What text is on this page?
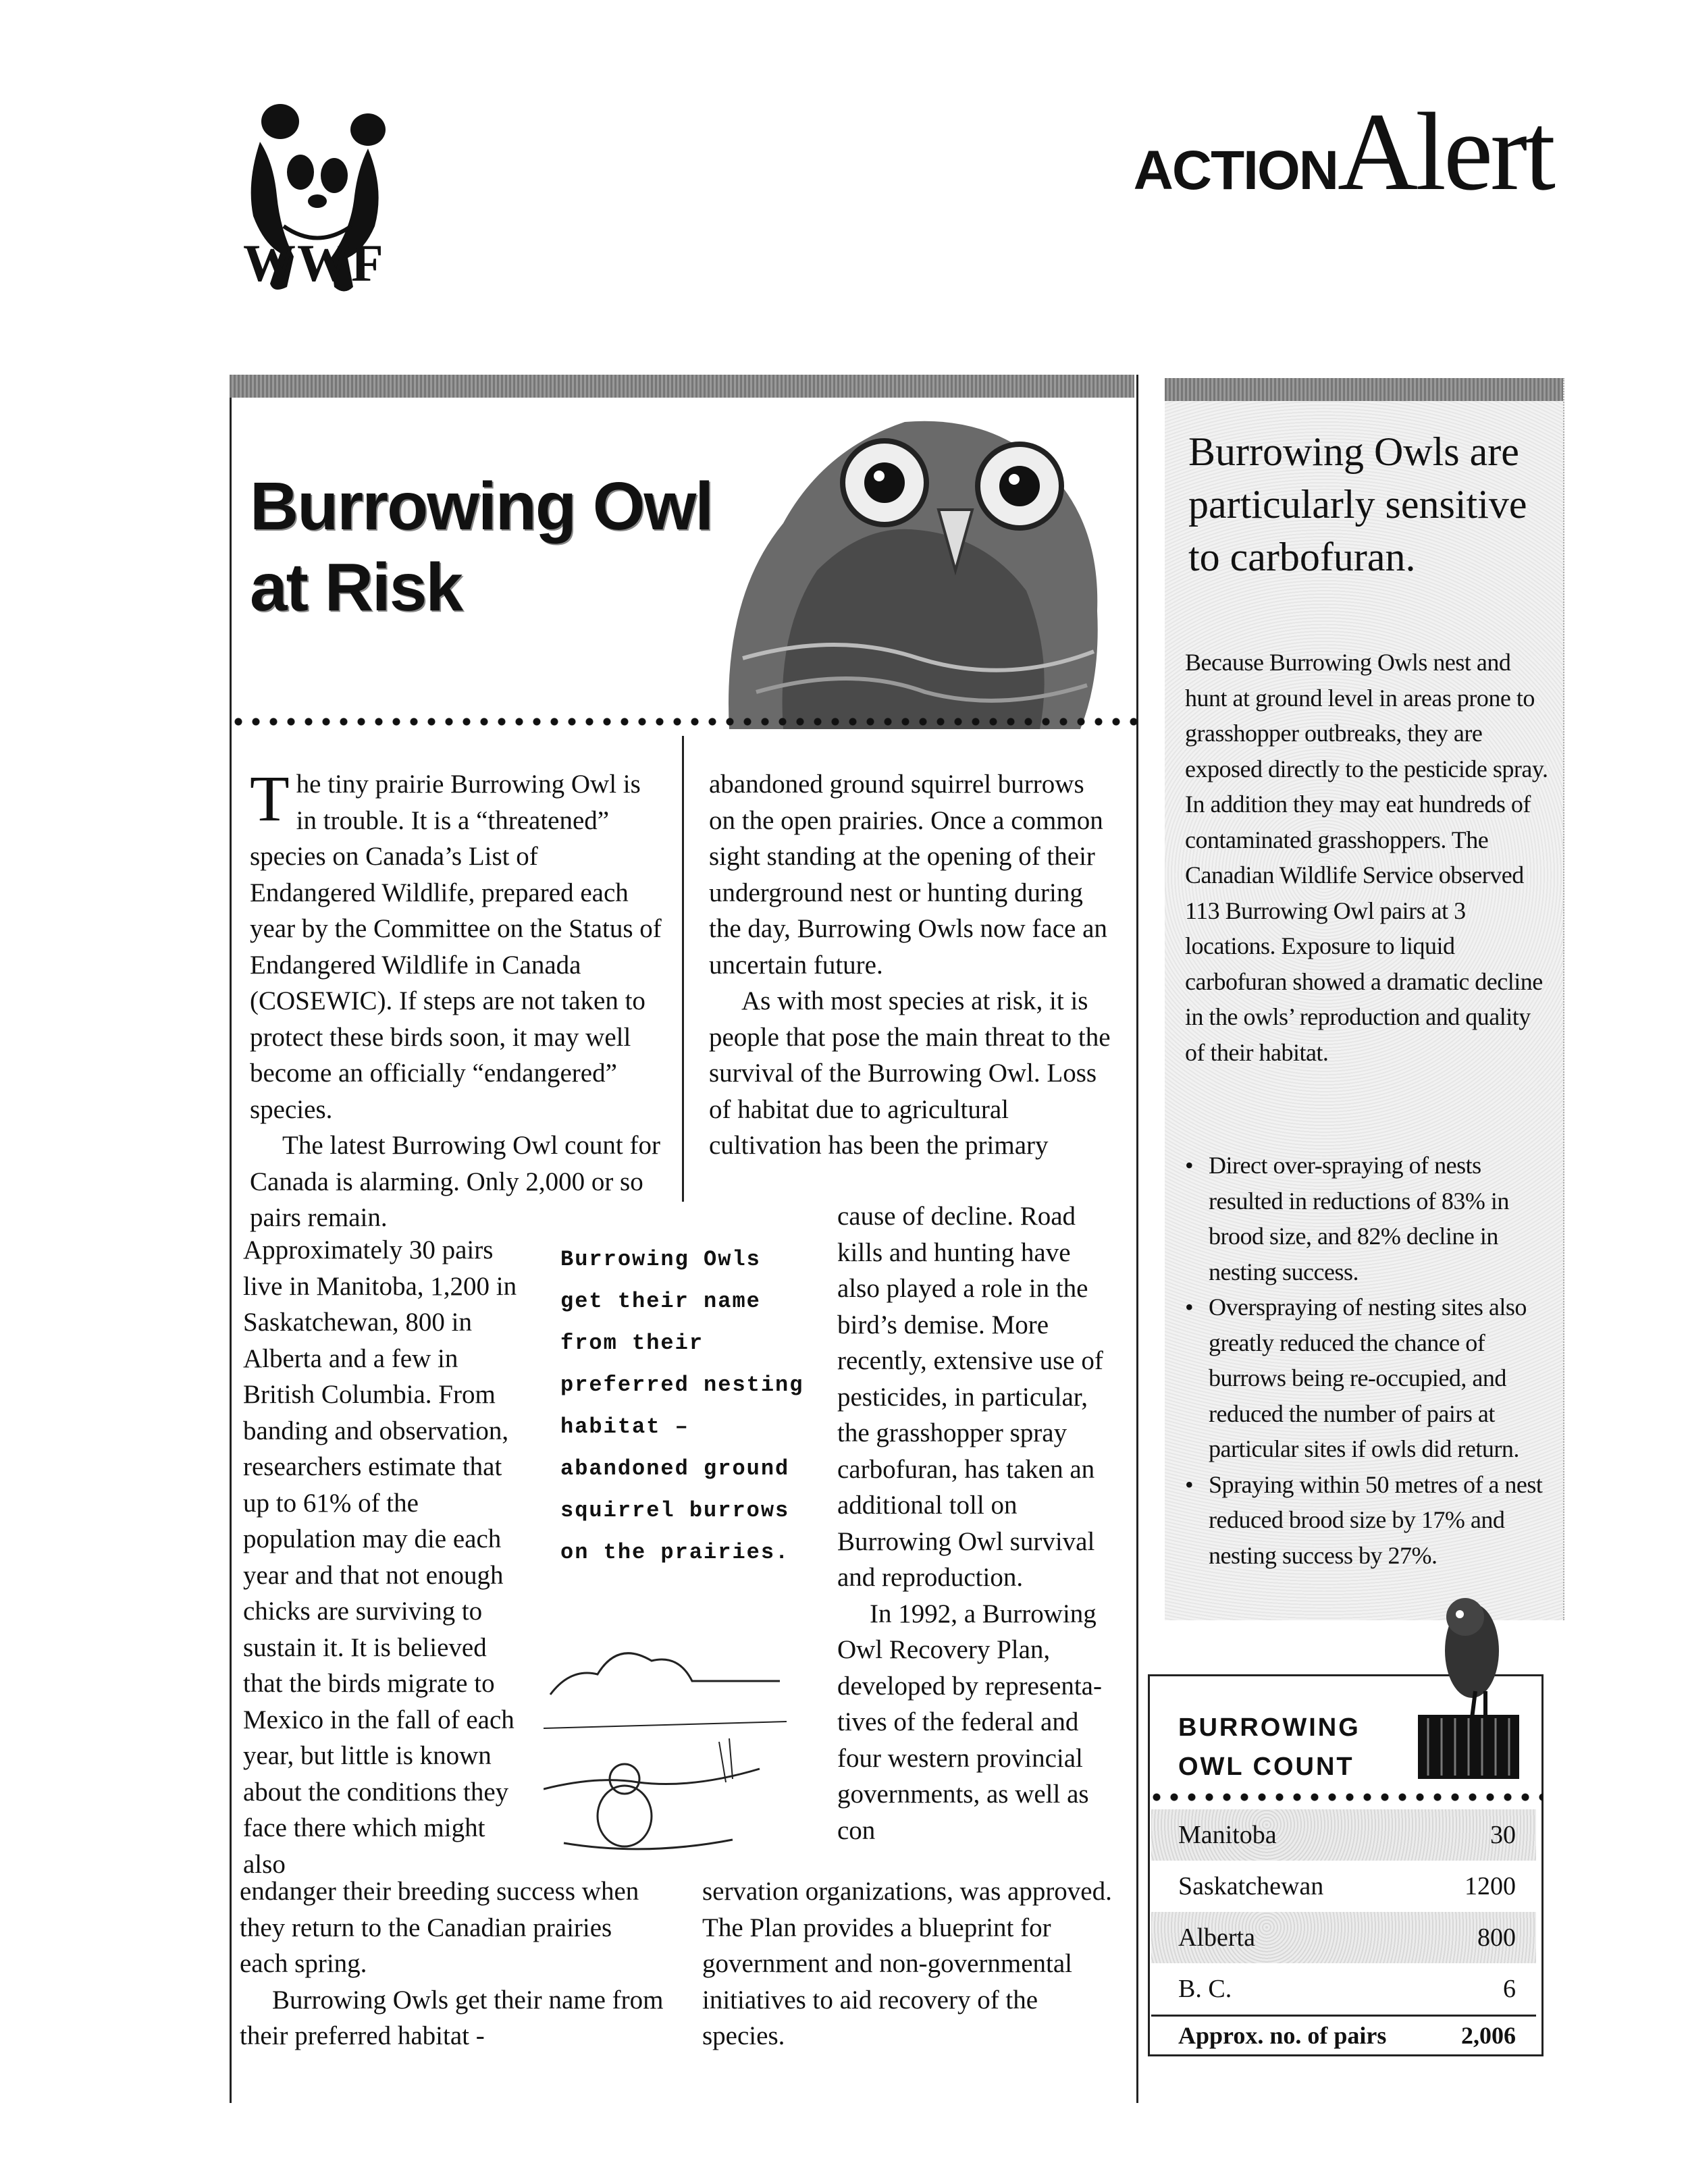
WWF
ACTIONAlert
Burrowing Owl
at Risk

The tiny prairie Burrowing Owl is in trouble. It is a “threatened” species on Canada’s List of Endangered Wildlife, prepared each year by the Committee on the Status of Endangered Wildlife in Canada (COSEWIC). If steps are not taken to protect these birds soon, it may well become an officially “endangered” species.

The latest Burrowing Owl count for Canada is alarming. Only 2,000 or so pairs remain.

Approximately 30 pairs live in Manitoba, 1,200 in Saskatchewan, 800 in Alberta and a few in British Columbia. From banding and observation, researchers estimate that up to 61% of the population may die each year and that not enough chicks are surviving to sustain it. It is believed that the birds migrate to Mexico in the fall of each year, but little is known about the conditions they face there which might also

endanger their breeding success when they return to the Canadian prairies each spring.

Burrowing Owls get their name from their preferred habitat -

abandoned ground squirrel burrows on the open prairies. Once a common sight standing at the opening of their underground nest or hunting during the day, Burrowing Owls now face an uncertain future.

As with most species at risk, it is people that pose the main threat to the survival of the Burrowing Owl. Loss of habitat due to agricultural cultivation has been the primary

cause of decline. Road kills and hunting have also played a role in the bird’s demise. More recently, extensive use of pesticides, in particular, the grasshopper spray carbofuran, has taken an additional toll on Burrowing Owl survival and reproduction.

In 1992, a Burrowing Owl Recovery Plan, developed by representatives of the federal and four western provincial governments, as well as con

servation organizations, was approved. The Plan provides a blueprint for government and non-governmental initiatives to aid recovery of the species.
Burrowing Owls get their name from their preferred nesting habitat – abandoned ground squirrel burrows on the prairies.
Burrowing Owls are particularly sensitive to carbofuran.
Because Burrowing Owls nest and hunt at ground level in areas prone to grasshopper outbreaks, they are exposed directly to the pesticide spray. In addition they may eat hundreds of contaminated grasshoppers. The Canadian Wildlife Service observed 113 Burrowing Owl pairs at 3 locations. Exposure to liquid carbofuran showed a dramatic decline in the owls’ reproduction and quality of their habitat.
• Direct over-spraying of nests resulted in reductions of 83% in brood size, and 82% decline in nesting success.
• Overspraying of nesting sites also greatly reduced the chance of burrows being re-occupied, and reduced the number of pairs at particular sites if owls did return.
• Spraying within 50 metres of a nest reduced brood size by 17% and nesting success by 27%.
BURROWING
OWL COUNT
Manitoba	30
Saskatchewan	1200
Alberta	800
B. C.	6
Approx. no. of pairs	2,006
